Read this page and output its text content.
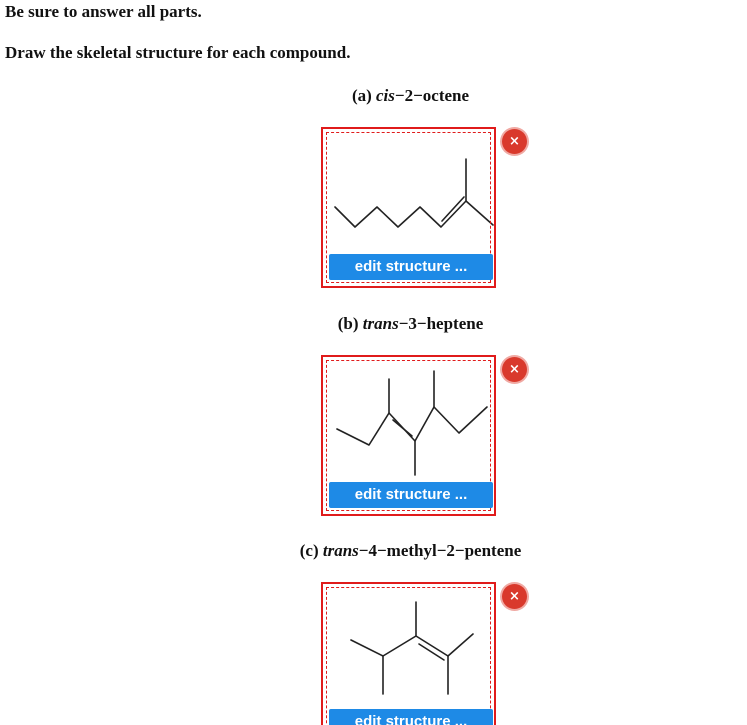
Be sure to answer all parts.

Draw the skeletal structure for each compound.

(a) cis−2−octene
edit structure ...
×
(b) trans−3−heptene
edit structure ...
×
(c) trans−4−methyl−2−pentene
edit structure ...
×
